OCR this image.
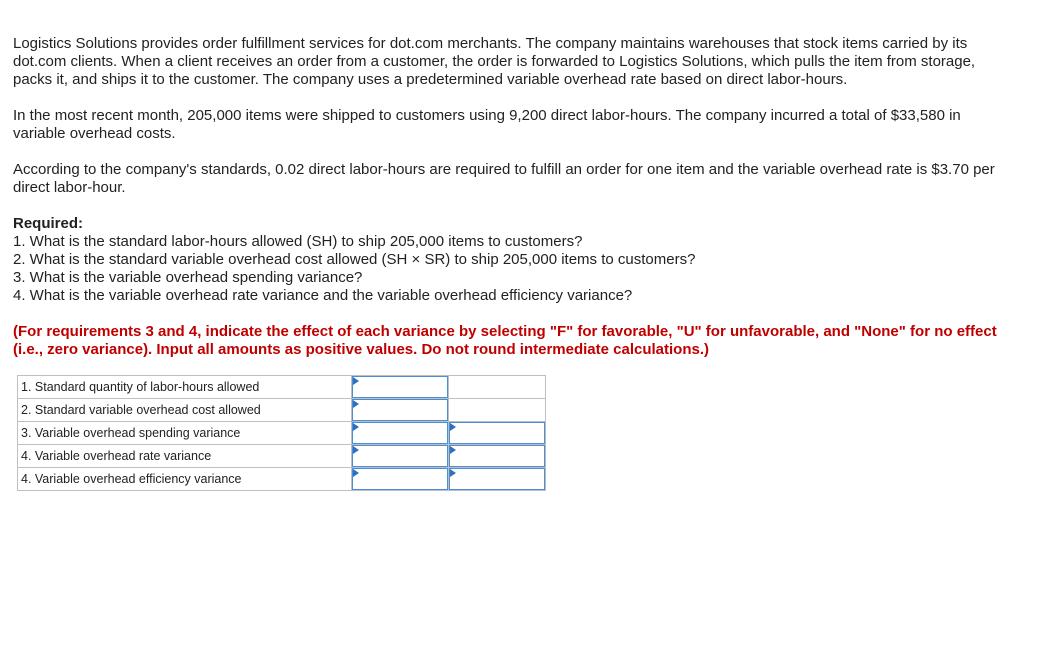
Logistics Solutions provides order fulfillment services for dot.com merchants. The company maintains warehouses that stock items carried by its dot.com clients. When a client receives an order from a customer, the order is forwarded to Logistics Solutions, which pulls the item from storage, packs it, and ships it to the customer. The company uses a predetermined variable overhead rate based on direct labor-hours.

In the most recent month, 205,000 items were shipped to customers using 9,200 direct labor-hours. The company incurred a total of $33,580 in variable overhead costs.

According to the company's standards, 0.02 direct labor-hours are required to fulfill an order for one item and the variable overhead rate is $3.70 per direct labor-hour.

Required:

1. What is the standard labor-hours allowed (SH) to ship 205,000 items to customers?
2. What is the standard variable overhead cost allowed (SH × SR) to ship 205,000 items to customers?
3. What is the variable overhead spending variance?
4. What is the variable overhead rate variance and the variable overhead efficiency variance?

(For requirements 3 and 4, indicate the effect of each variance by selecting "F" for favorable, "U" for unfavorable, and "None" for no effect (i.e., zero variance). Input all amounts as positive values. Do not round intermediate calculations.)

1. Standard quantity of labor-hours allowed	

2. Standard variable overhead cost allowed	

3. Variable overhead spending variance	

4. Variable overhead rate variance	

4. Variable overhead efficiency variance	
